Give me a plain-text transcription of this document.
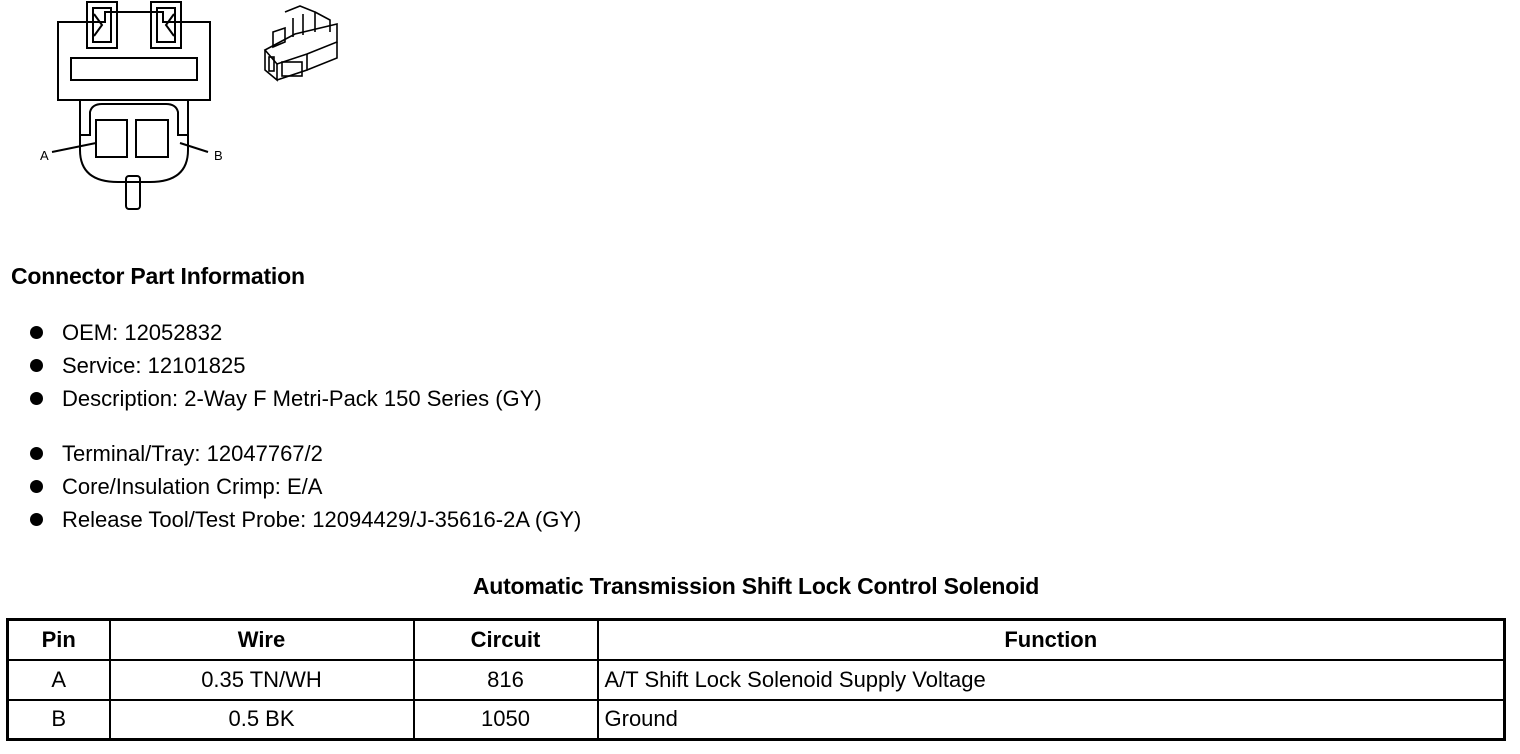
A	B
Connector Part Information
OEM: 12052832
Service: 12101825
Description: 2-Way F Metri-Pack 150 Series (GY)
Terminal/Tray: 12047767/2
Core/Insulation Crimp: E/A
Release Tool/Test Probe: 12094429/J-35616-2A (GY)
Automatic Transmission Shift Lock Control Solenoid
Pin	Wire	Circuit	Function
A	0.35 TN/WH	816	A/T Shift Lock Solenoid Supply Voltage
B	0.5 BK	1050	Ground
